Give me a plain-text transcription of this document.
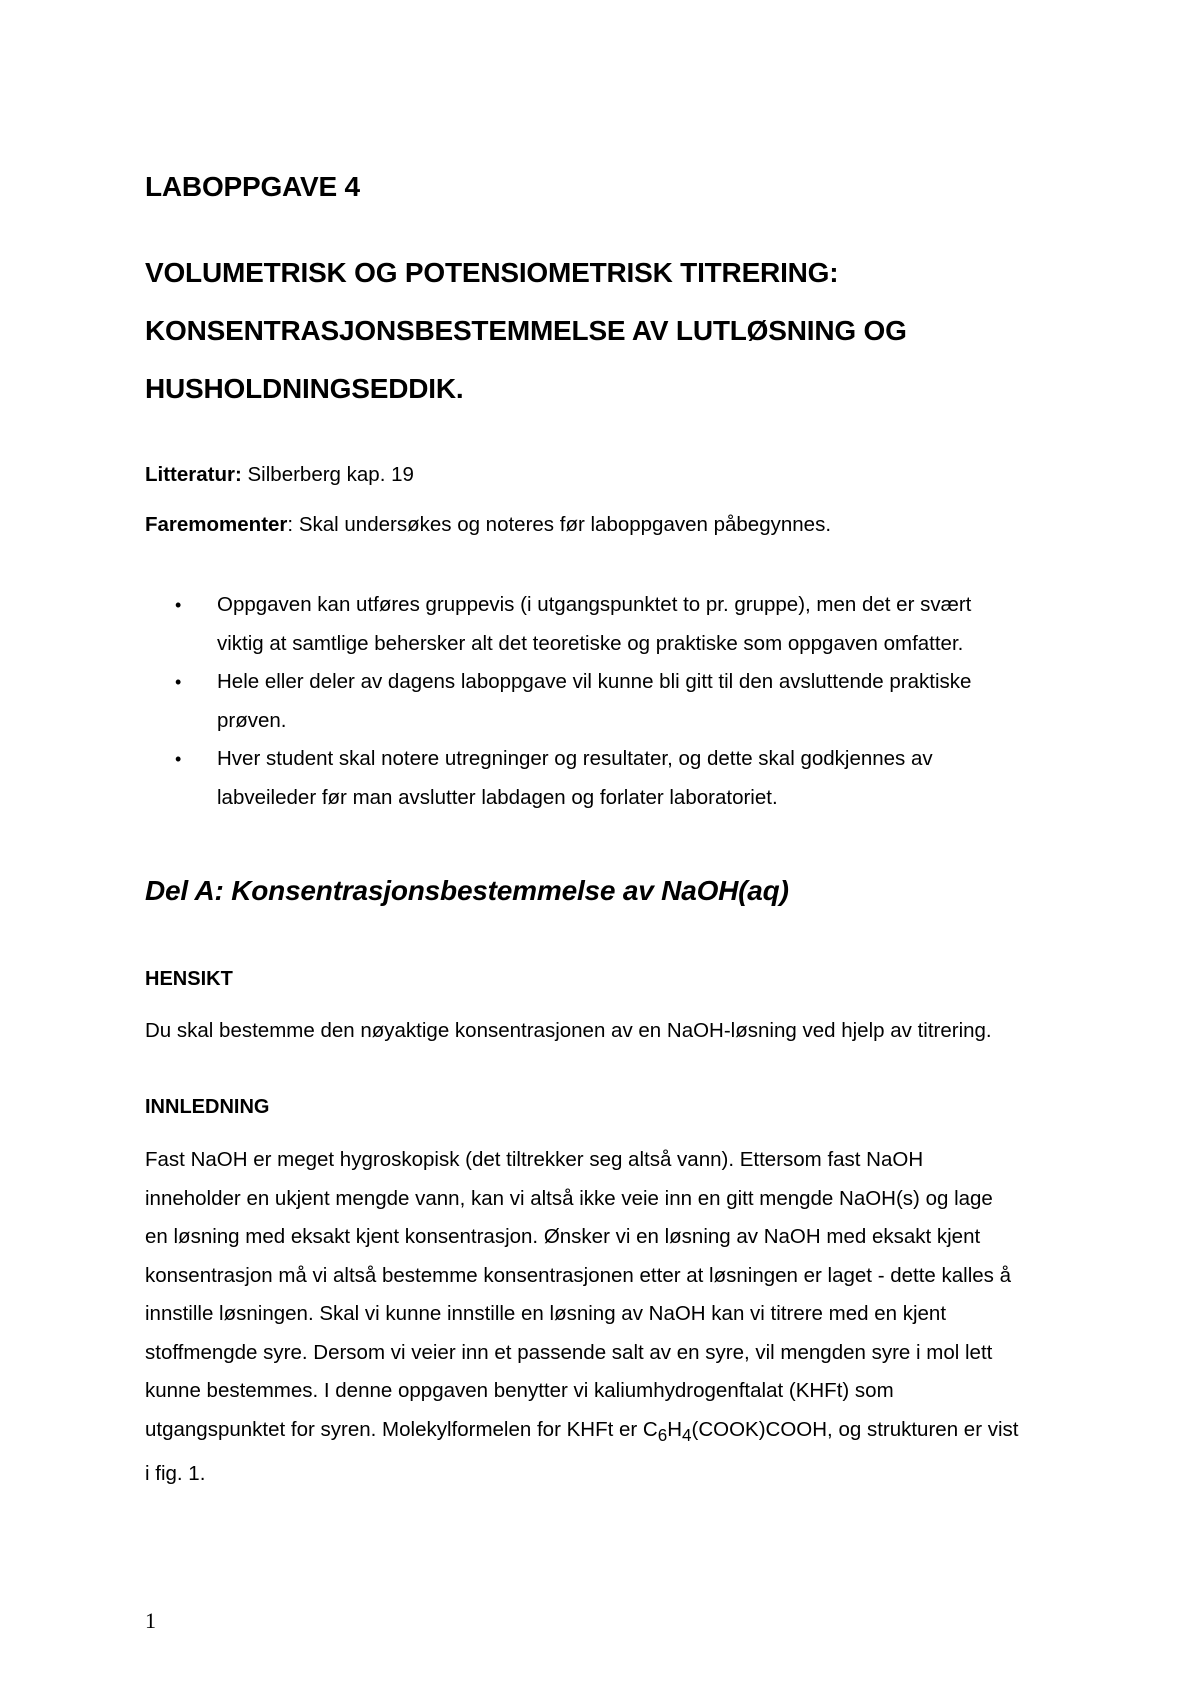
LABOPPGAVE 4
VOLUMETRISK OG POTENSIOMETRISK TITRERING:
KONSENTRASJONSBESTEMMELSE AV LUTLØSNING OG
HUSHOLDNINGSEDDIK.

Litteratur: Silberberg kap. 19

Faremomenter: Skal undersøkes og noteres før laboppgaven påbegynnes.

• Oppgaven kan utføres gruppevis (i utgangspunktet to pr. gruppe), men det er svært
viktig at samtlige behersker alt det teoretiske og praktiske som oppgaven omfatter.
• Hele eller deler av dagens laboppgave vil kunne bli gitt til den avsluttende praktiske
prøven.
• Hver student skal notere utregninger og resultater, og dette skal godkjennes av
labveileder før man avslutter labdagen og forlater laboratoriet.
Del A: Konsentrasjonsbestemmelse av NaOH(aq)
HENSIKT

Du skal bestemme den nøyaktige konsentrasjonen av en NaOH-løsning ved hjelp av titrering.

INNLEDNING
Fast NaOH er meget hygroskopisk (det tiltrekker seg altså vann). Ettersom fast NaOH
inneholder en ukjent mengde vann, kan vi altså ikke veie inn en gitt mengde NaOH(s) og lage
en løsning med eksakt kjent konsentrasjon. Ønsker vi en løsning av NaOH med eksakt kjent
konsentrasjon må vi altså bestemme konsentrasjonen etter at løsningen er laget - dette kalles å
innstille løsningen. Skal vi kunne innstille en løsning av NaOH kan vi titrere med en kjent
stoffmengde syre. Dersom vi veier inn et passende salt av en syre, vil mengden syre i mol lett
kunne bestemmes. I denne oppgaven benytter vi kaliumhydrogenftalat (KHFt) som
utgangspunktet for syren. Molekylformelen for KHFt er $C_6H_4(COOK)COOH$, og strukturen er vist
i fig. 1.
1
